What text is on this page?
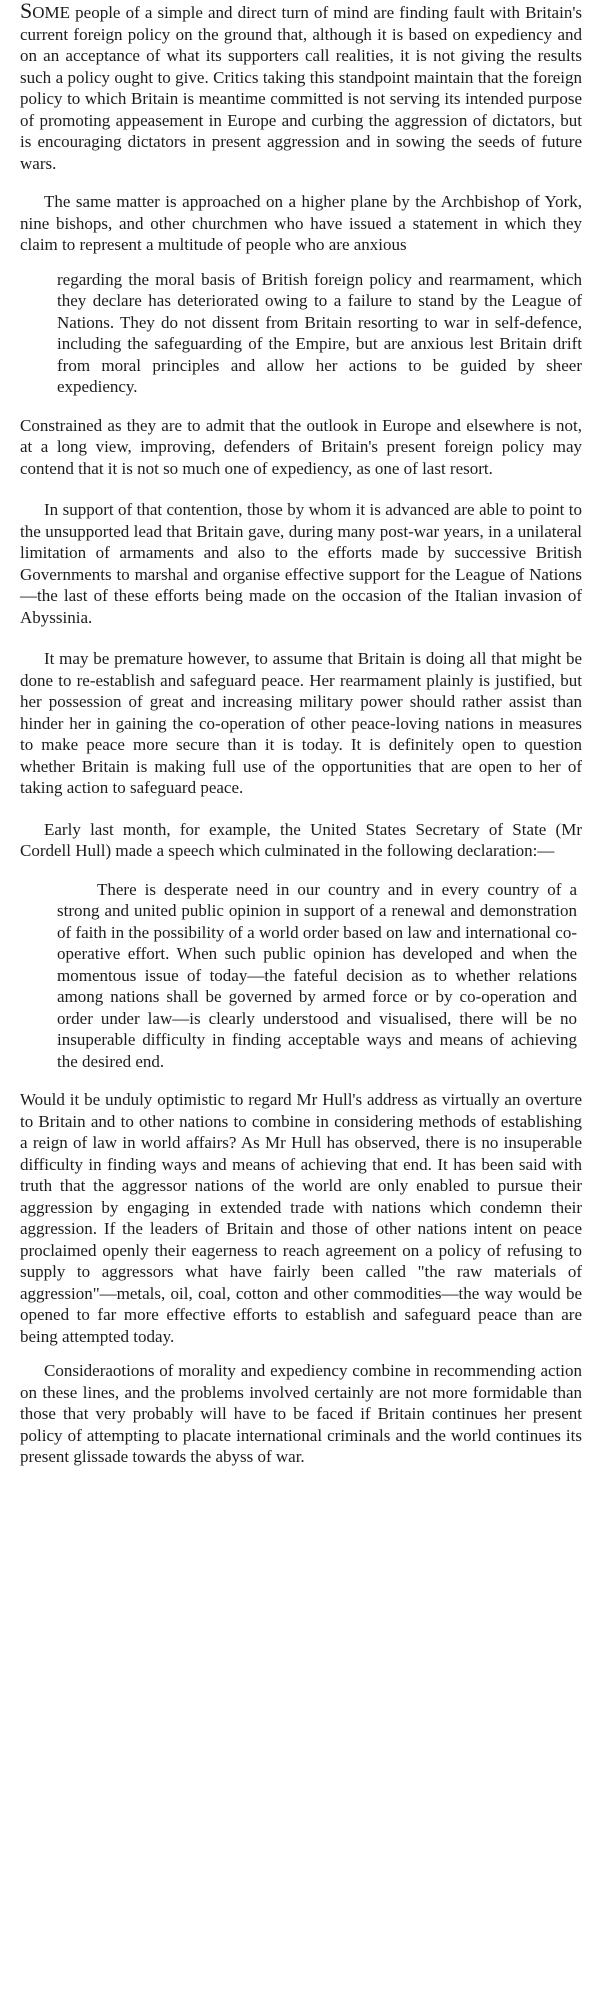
SOME people of a simple and direct turn of mind are finding fault with Britain's current foreign policy on the ground that, although it is based on expediency and on an acceptance of what its supporters call realities, it is not giving the results such a policy ought to give. Critics taking this standpoint maintain that the foreign policy to which Britain is meantime committed is not serving its intended purpose of promoting appeasement in Europe and curbing the aggression of dictators, but is encouraging dictators in present aggression and in sowing the seeds of future wars.

The same matter is approached on a higher plane by the Archbishop of York, nine bishops, and other churchmen who have issued a statement in which they claim to represent a multitude of people who are anxious

regarding the moral basis of British foreign policy and rearmament, which they declare has deteriorated owing to a failure to stand by the League of Nations. They do not dissent from Britain resorting to war in self-defence, including the safeguarding of the Empire, but are anxious lest Britain drift from moral principles and allow her actions to be guided by sheer expediency.

Constrained as they are to admit that the outlook in Europe and elsewhere is not, at a long view, improving, defenders of Britain's present foreign policy may contend that it is not so much one of expediency, as one of last resort.

In support of that contention, those by whom it is advanced are able to point to the unsupported lead that Britain gave, during many post-war years, in a unilateral limitation of armaments and also to the efforts made by successive British Governments to marshal and organise effective support for the League of Nations—the last of these efforts being made on the occasion of the Italian invasion of Abyssinia.

It may be premature however, to assume that Britain is doing all that might be done to re-establish and safeguard peace. Her rearmament plainly is justified, but her possession of great and increasing military power should rather assist than hinder her in gaining the co-operation of other peace-loving nations in measures to make peace more secure than it is today. It is definitely open to question whether Britain is making full use of the opportunities that are open to her of taking action to safeguard peace.

Early last month, for example, the United States Secretary of State (Mr Cordell Hull) made a speech which culminated in the following declaration:—

There is desperate need in our country and in every country of a strong and united public opinion in support of a renewal and demonstration of faith in the possibility of a world order based on law and international co-operative effort. When such public opinion has developed and when the momentous issue of today—the fateful decision as to whether relations among nations shall be governed by armed force or by co-operation and order under law—is clearly understood and visualised, there will be no insuperable difficulty in finding acceptable ways and means of achieving the desired end.

Would it be unduly optimistic to regard Mr Hull's address as virtually an overture to Britain and to other nations to combine in considering methods of establishing a reign of law in world affairs? As Mr Hull has observed, there is no insuperable difficulty in finding ways and means of achieving that end. It has been said with truth that the aggressor nations of the world are only enabled to pursue their aggression by engaging in extended trade with nations which condemn their aggression. If the leaders of Britain and those of other nations intent on peace proclaimed openly their eagerness to reach agreement on a policy of refusing to supply to aggressors what have fairly been called "the raw materials of aggression"—metals, oil, coal, cotton and other commodities—the way would be opened to far more effective efforts to establish and safeguard peace than are being attempted today.

Consideraotions of morality and expediency combine in recommending action on these lines, and the problems involved certainly are not more formidable than those that very probably will have to be faced if Britain continues her present policy of attempting to placate international criminals and the world continues its present glissade towards the abyss of war.
